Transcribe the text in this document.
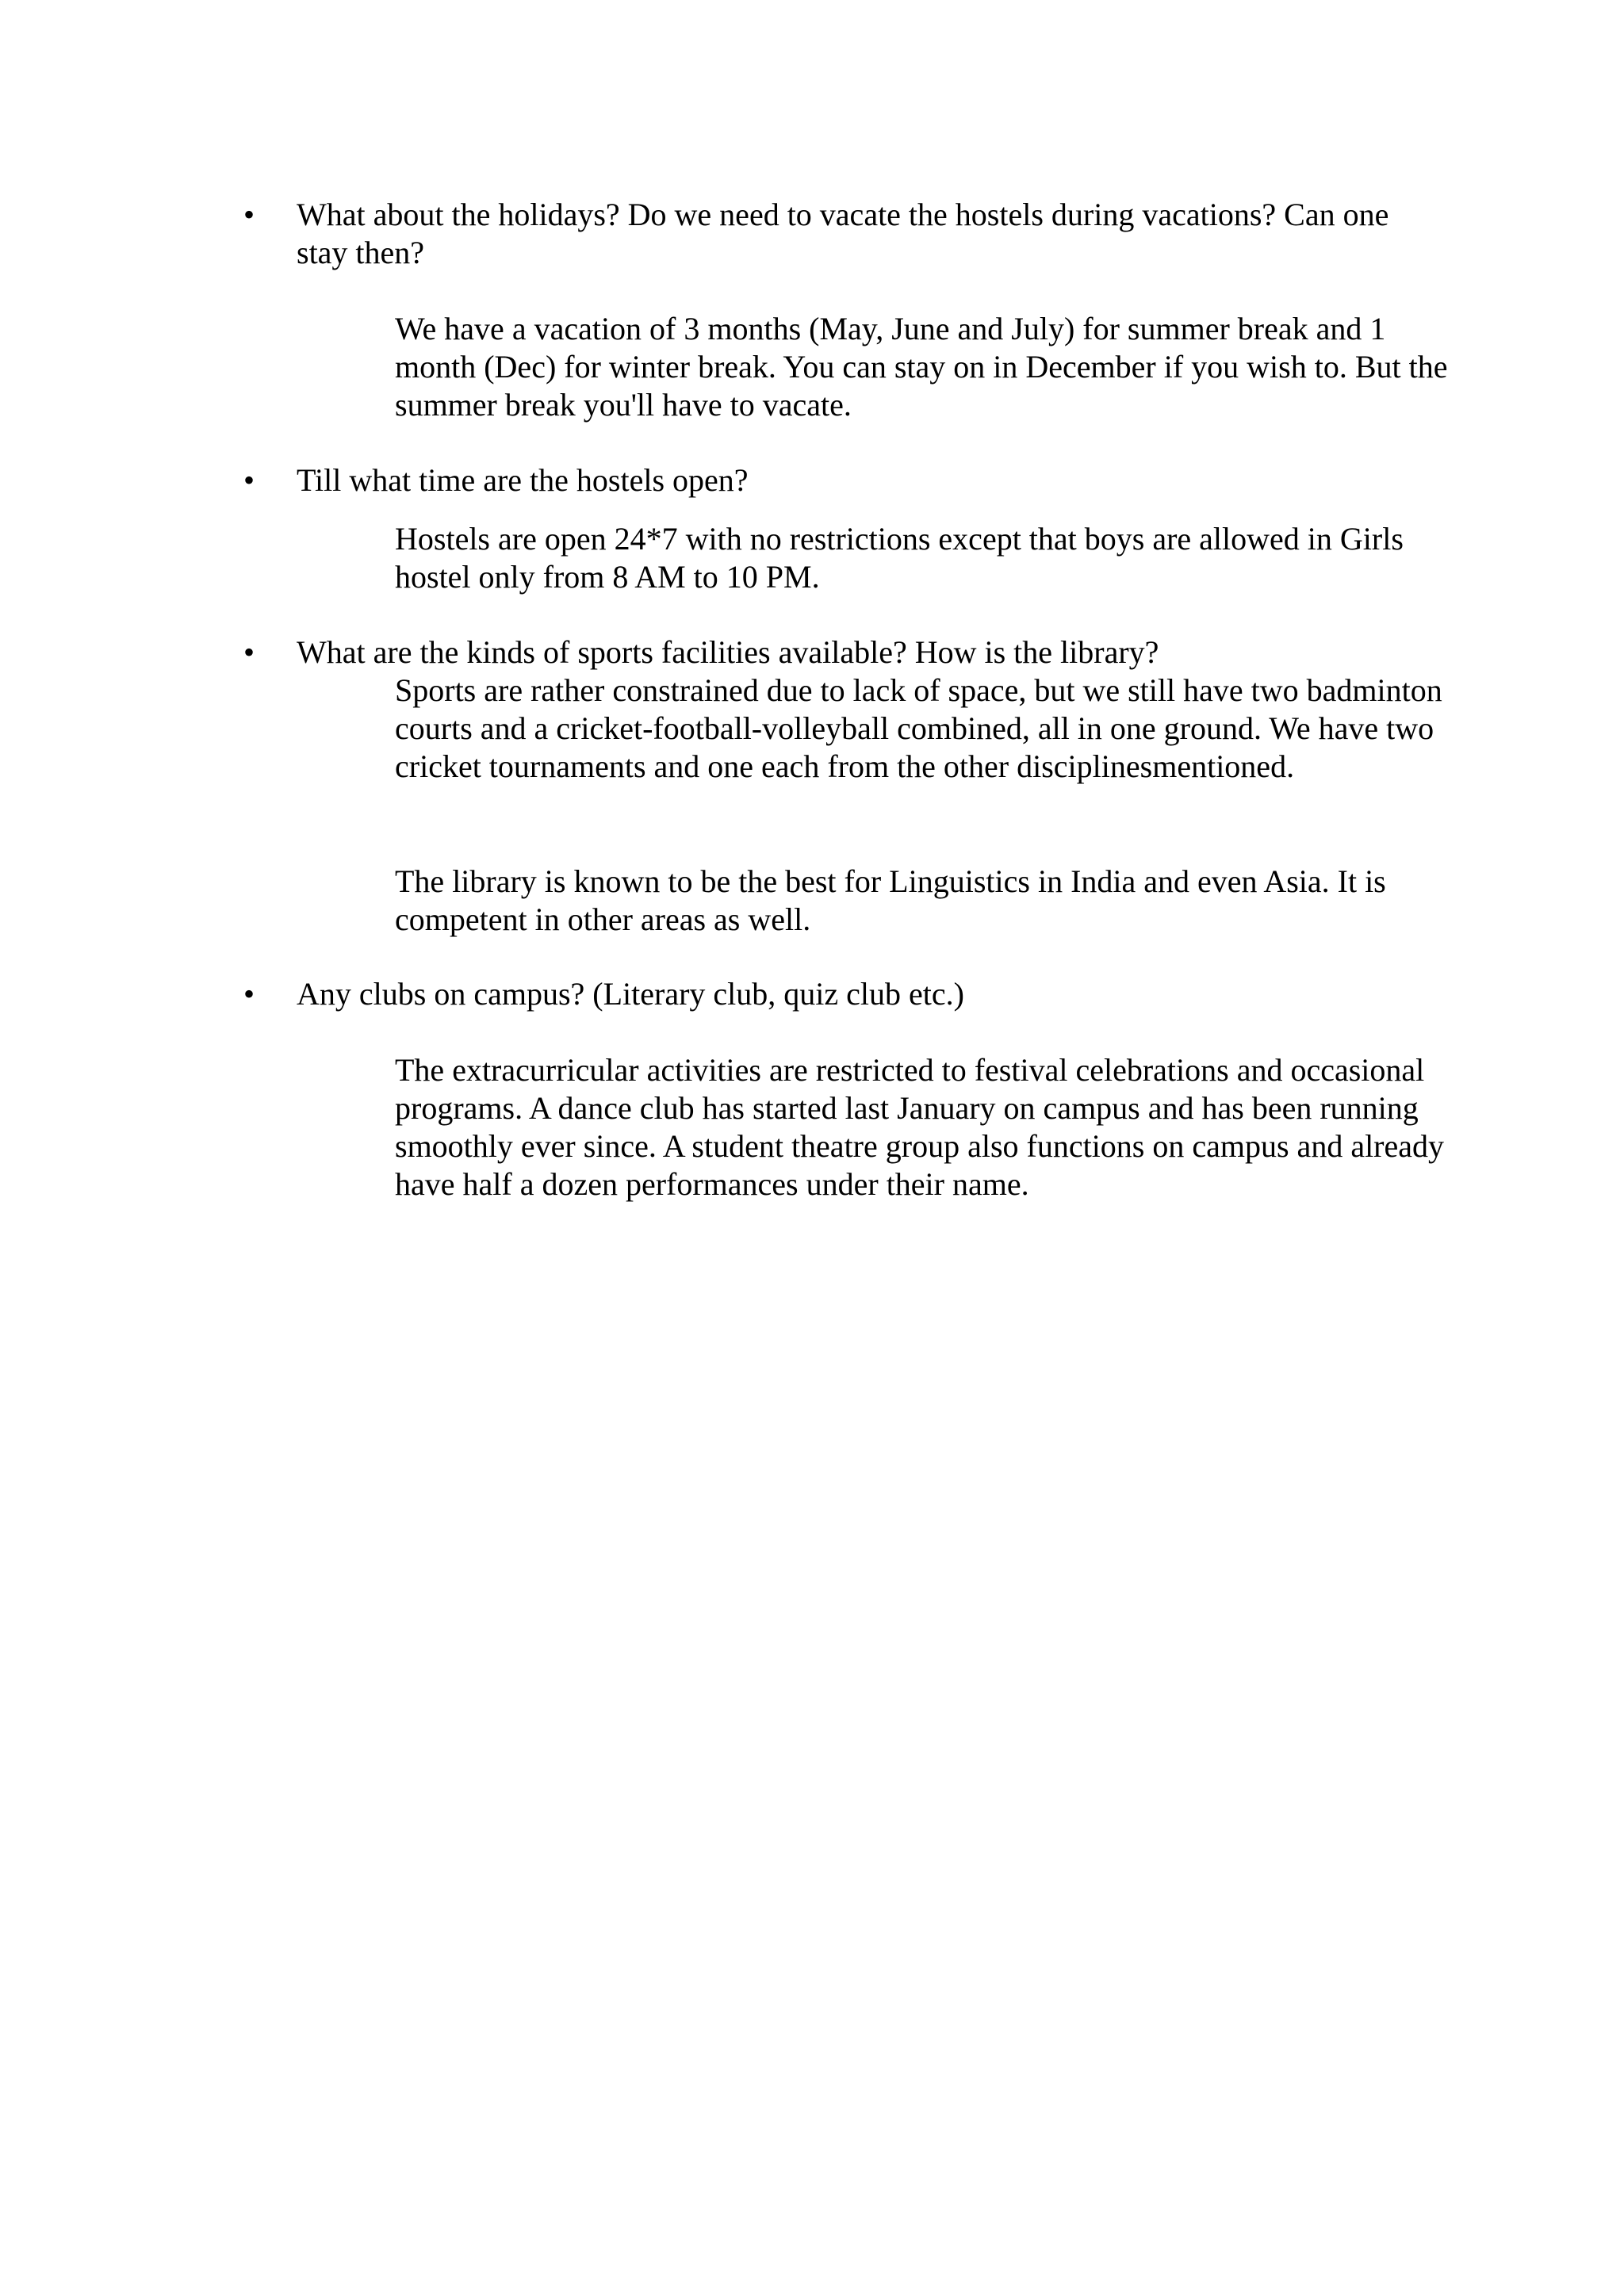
• What about the holidays? Do we need to vacate the hostels during vacations? Can one stay then?

We have a vacation of 3 months (May, June and July) for summer break and 1 month (Dec) for winter break. You can stay on in December if you wish to. But the summer break you'll have to vacate.

• Till what time are the hostels open?

Hostels are open 24*7 with no restrictions except that boys are allowed in Girls hostel only from 8 AM to 10 PM.

• What are the kinds of sports facilities available? How is the library?

Sports are rather constrained due to lack of space, but we still have two badminton courts and a cricket-football-volleyball combined, all in one ground. We have two cricket tournaments and one each from the other disciplinesmentioned.

The library is known to be the best for Linguistics in India and even Asia. It is competent in other areas as well.

• Any clubs on campus? (Literary club, quiz club etc.)

The extracurricular activities are restricted to festival celebrations and occasional programs. A dance club has started last January on campus and has been running smoothly ever since. A student theatre group also functions on campus and already have half a dozen performances under their name.
